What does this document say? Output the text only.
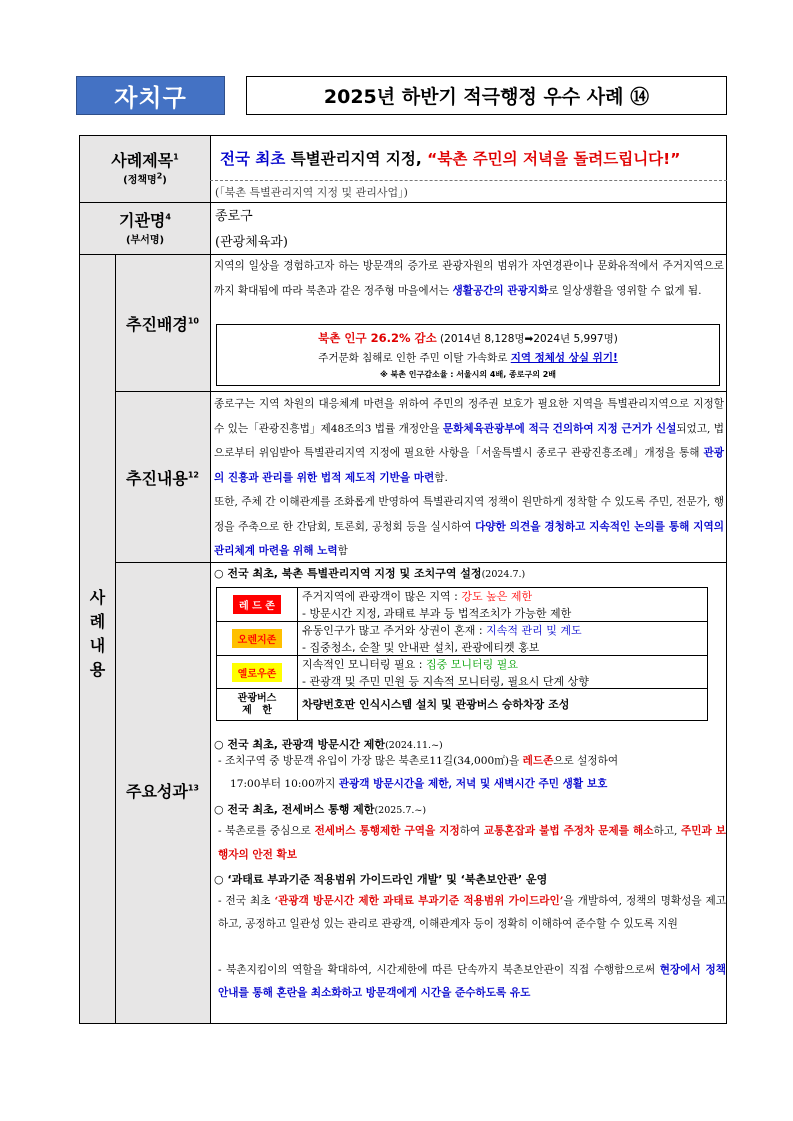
자치구	2025년 하반기 적극행정 우수 사례 ⑭
사례제목$^1$
(정책명$^2$)
전국 최초 특별관리지역 지정, “북촌 주민의 저녁을 돌려드립니다!”
(「북촌 특별관리지역 지정 및 관리사업」)
기관명$^4$
(부서명)
종로구
(관광체육과)
사
례
내
용
추진배경$^{10}$
지역의 일상을 경험하고자 하는 방문객의 증가로 관광자원의 범위가 자연경관이나 문화유적에서 주거지역으로까지 확대됨에 따라 북촌과 같은 정주형 마을에서는 생활공간의 관광지화로 일상생활을 영위할 수 없게 됨.
북촌 인구 26.2% 감소 (2014년 8,128명➡2024년 5,997명)
주거문화 침해로 인한 주민 이탈 가속화로 지역 정체성 상실 위기!
※ 북촌 인구감소율 : 서울시의 4배, 종로구의 2배
추진내용$^{12}$
종로구는 지역 차원의 대응체계 마련을 위하여 주민의 정주권 보호가 필요한 지역을 특별관리지역으로 지정할 수 있는「관광진흥법」제48조의3 법률 개정안을 문화체육관광부에 적극 건의하여 지정 근거가 신설되었고, 법으로부터 위임받아 특별관리지역 지정에 필요한 사항을「서울특별시 종로구 관광진흥조례」개정을 통해 관광의 진흥과 관리를 위한 법적 제도적 기반을 마련함.
또한, 주체 간 이해관계를 조화롭게 반영하여 특별관리지역 정책이 원만하게 정착할 수 있도록 주민, 전문가, 행정을 주축으로 한 간담회, 토론회, 공청회 등을 실시하여 다양한 의견을 경청하고 지속적인 논의를 통해 지역의 관리체계 마련을 위해 노력함
주요성과$^{13}$
○ 전국 최초, 북촌 특별관리지역 지정 및 조치구역 설정(2024.7.)
레 드 존
주거지역에 관광객이 많은 지역 : 강도 높은 제한
- 방문시간 지정, 과태료 부과 등 법적조치가 가능한 제한
오렌지존
유동인구가 많고 주거와 상권이 혼재 : 지속적 관리 및 계도
- 집중청소, 순찰 및 안내판 설치, 관광에티켓 홍보
옐로우존
지속적인 모니터링 필요 : 집중 모니터링 필요
- 관광객 및 주민 민원 등 지속적 모니터링, 필요시 단계 상향
관광버스
제   한	차량번호판 인식시스템 설치 및 관광버스 승하차장 조성
○ 전국 최초, 관광객 방문시간 제한(2024.11.~)
- 조치구역 중 방문객 유입이 가장 많은 북촌로11길(34,000㎡)을 레드존으로 설정하여
17:00부터 10:00까지 관광객 방문시간을 제한, 저녁 및 새벽시간 주민 생활 보호
○ 전국 최초, 전세버스 통행 제한(2025.7.~)
- 북촌로를 중심으로 전세버스 통행제한 구역을 지정하여 교통혼잡과 불법 주정차 문제를 해소하고, 주민과 보행자의 안전 확보
○ ‘과태료 부과기준 적용범위 가이드라인 개발’ 및 ‘북촌보안관’ 운영
- 전국 최초 ‘관광객 방문시간 제한 과태료 부과기준 적용범위 가이드라인’을 개발하여, 정책의 명확성을 제고하고, 공정하고 일관성 있는 관리로 관광객, 이해관계자 등이 정확히 이해하여 준수할 수 있도록 지원
- 북촌지킴이의 역할을 확대하여, 시간제한에 따른 단속까지 북촌보안관이 직접 수행함으로써 현장에서 정책 안내를 통해 혼란을 최소화하고 방문객에게 시간을 준수하도록 유도
